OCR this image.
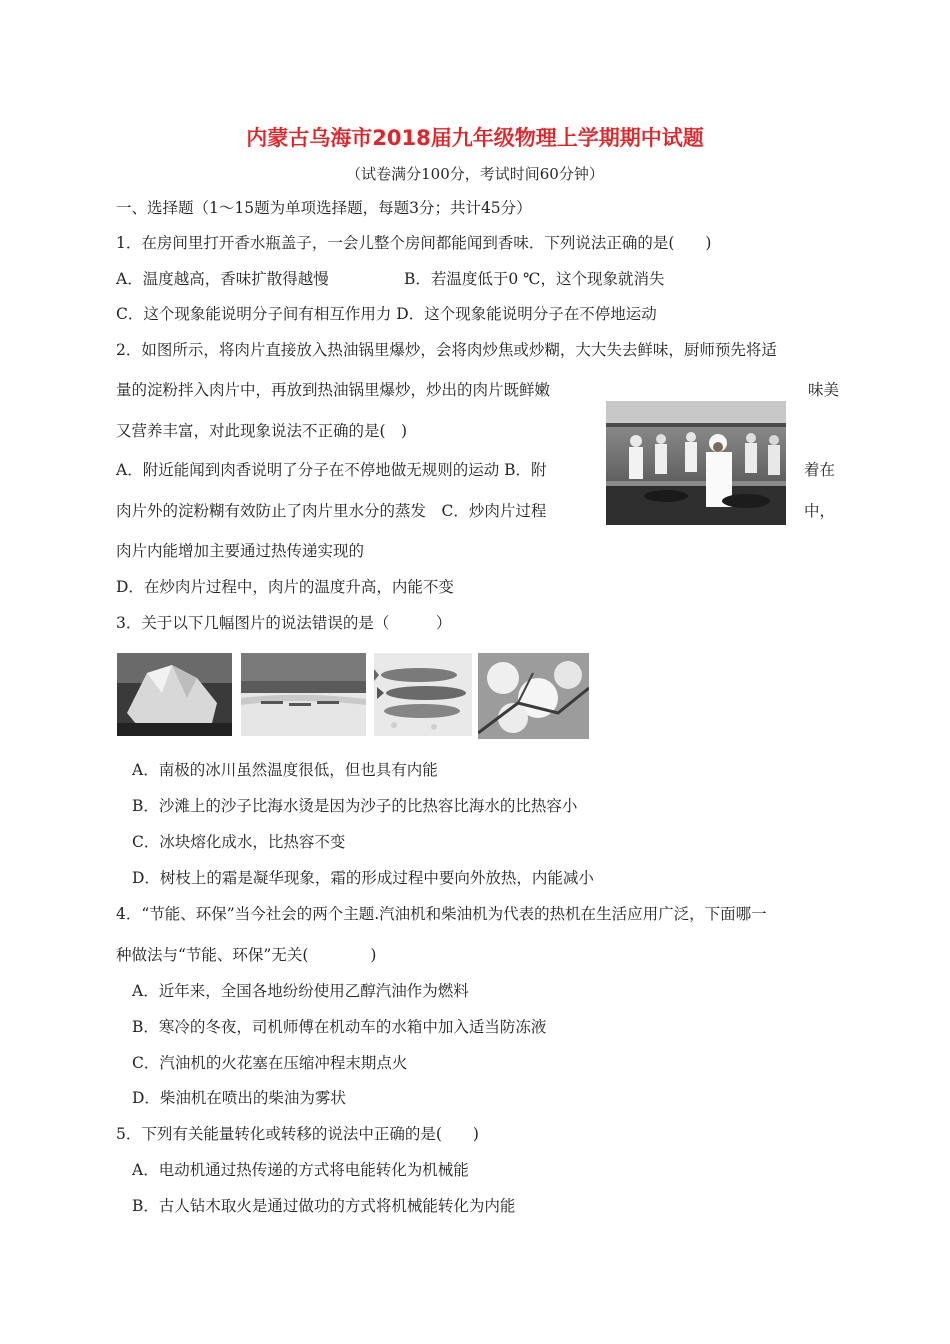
内蒙古乌海市2018届九年级物理上学期期中试题
（试卷满分100分，考试时间60分钟）
一、选择题（1～15题为单项选择题，每题3分；共计45分）
1．在房间里打开香水瓶盖子，一会儿整个房间都能闻到香味．下列说法正确的是(　　)
A．温度越高，香味扩散得越慢	B．若温度低于0 ℃，这个现象就消失
C．这个现象能说明分子间有相互作用力 D．这个现象能说明分子在不停地运动
2．如图所示，将肉片直接放入热油锅里爆炒，会将肉炒焦或炒糊，大大失去鲜味，厨师预先将适
量的淀粉拌入肉片中，再放到热油锅里爆炒，炒出的肉片既鲜嫩	味美
又营养丰富，对此现象说法不正确的是(　)
A．附近能闻到肉香说明了分子在不停地做无规则的运动 B．附	着在
肉片外的淀粉糊有效防止了肉片里水分的蒸发　C．炒肉片过程	中，
肉片内能增加主要通过热传递实现的
D．在炒肉片过程中，肉片的温度升高，内能不变
3．关于以下几幅图片的说法错误的是（　　　）
A．南极的冰川虽然温度很低，但也具有内能
B．沙滩上的沙子比海水烫是因为沙子的比热容比海水的比热容小
C．冰块熔化成水，比热容不变
D．树枝上的霜是凝华现象，霜的形成过程中要向外放热，内能减小
4．“节能、环保”当今社会的两个主题.汽油机和柴油机为代表的热机在生活应用广泛，下面哪一
种做法与“节能、环保”无关(　　　　)
A．近年来，全国各地纷纷使用乙醇汽油作为燃料
B．寒冷的冬夜，司机师傅在机动车的水箱中加入适当防冻液
C．汽油机的火花塞在压缩冲程末期点火
D．柴油机在喷出的柴油为雾状
5．下列有关能量转化或转移的说法中正确的是(　　)
A．电动机通过热传递的方式将电能转化为机械能
B．古人钻木取火是通过做功的方式将机械能转化为内能
